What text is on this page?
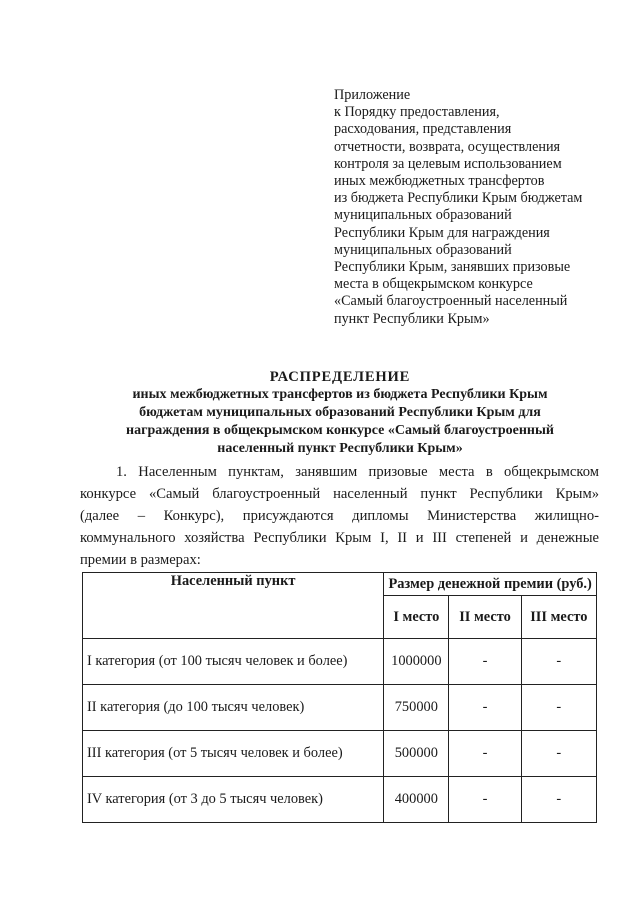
Приложение
к Порядку предоставления,
расходования, представления
отчетности, возврата, осуществления
контроля за целевым использованием
иных межбюджетных трансфертов
из бюджета Республики Крым бюджетам
муниципальных образований
Республики Крым для награждения
муниципальных образований
Республики Крым, занявших призовые
места в общекрымском конкурсе
«Самый благоустроенный населенный
пункт Республики Крым»
РАСПРЕДЕЛЕНИЕ
иных межбюджетных трансфертов из бюджета Республики Крым
бюджетам муниципальных образований Республики Крым для
награждения в общекрымском конкурсе «Самый благоустроенный
населенный пункт Республики Крым»
1. Населенным пунктам, занявшим призовые места в общекрымском
конкурсе «Самый благоустроенный населенный пункт Республики Крым»
(далее – Конкурс), присуждаются дипломы Министерства жилищно-
коммунального хозяйства Республики Крым I, II и III степеней и денежные
премии в размерах:
Населенный пункт	Размер денежной премии (руб.)		
	I место	II место	III место
I категория (от 100 тысяч человек и более)	1000000	-	-
II категория (до 100 тысяч человек)	750000	-	-
III категория (от 5 тысяч человек и более)	500000	-	-
IV категория (от 3 до 5 тысяч человек)	400000	-	-
